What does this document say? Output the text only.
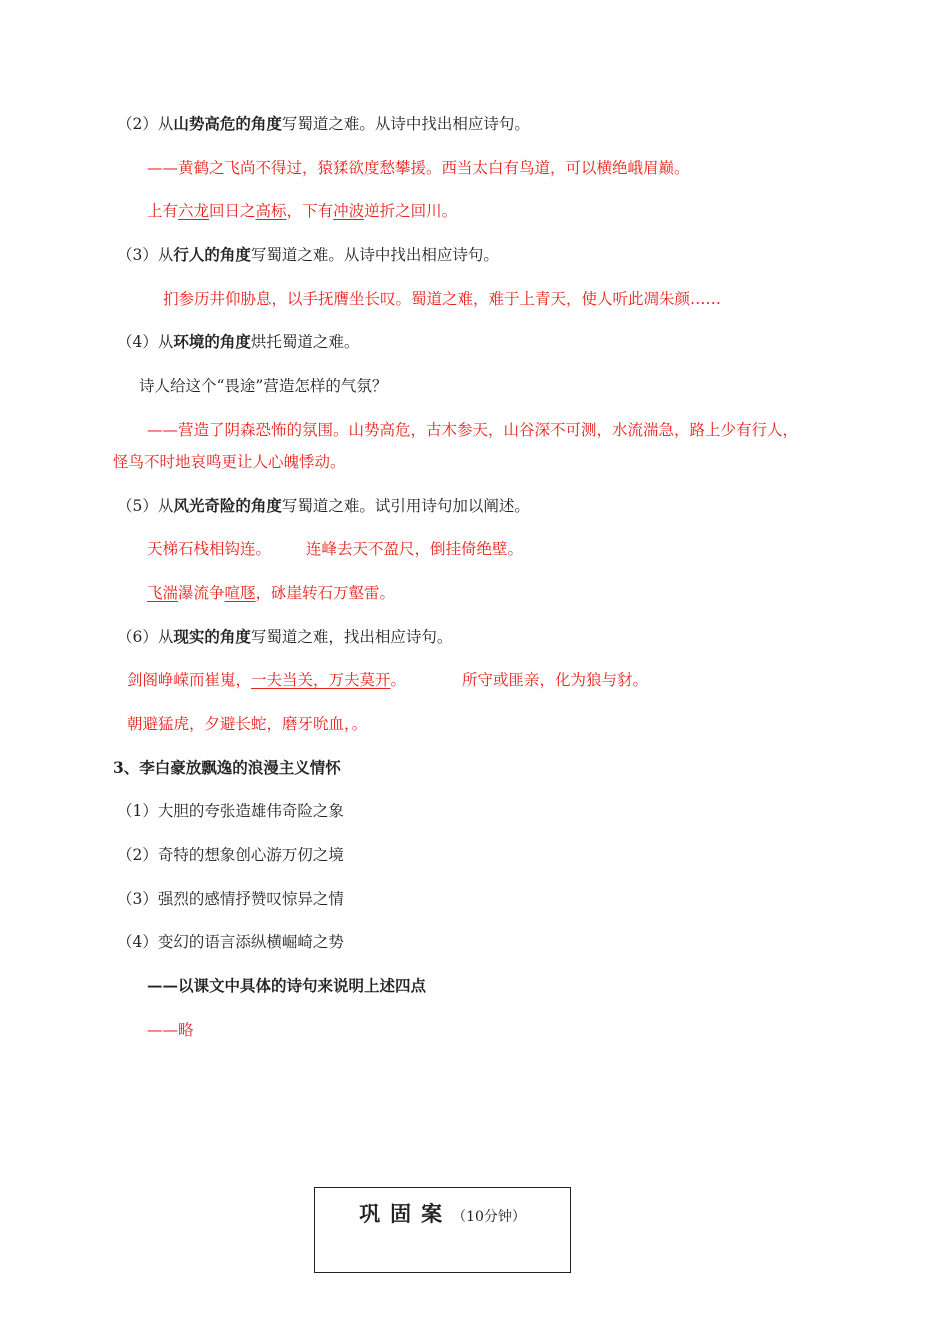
（2）从山势高危的角度写蜀道之难。从诗中找出相应诗句。
——黄鹤之飞尚不得过，猿猱欲度愁攀援。西当太白有鸟道，可以横绝峨眉巅。
上有六龙回日之高标，下有冲波逆折之回川。
（3）从行人的角度写蜀道之难。从诗中找出相应诗句。
扪参历井仰胁息，以手抚膺坐长叹。蜀道之难，难于上青天，使人听此凋朱颜……
（4）从环境的角度烘托蜀道之难。
诗人给这个“畏途”营造怎样的气氛？
——营造了阴森恐怖的氛围。山势高危，古木参天，山谷深不可测，水流湍急，路上少有行人，
怪鸟不时地哀鸣更让人心魄悸动。
（5）从风光奇险的角度写蜀道之难。试引用诗句加以阐述。
天梯石栈相钩连。 连峰去天不盈尺，倒挂倚绝壁。
飞湍瀑流争喧豗，砯崖转石万壑雷。
（6）从现实的角度写蜀道之难，找出相应诗句。
剑阁峥嵘而崔嵬，一夫当关，万夫莫开。	所守或匪亲，化为狼与豺。
朝避猛虎，夕避长蛇，磨牙吮血，。
3、李白豪放飘逸的浪漫主义情怀
（1）大胆的夸张造雄伟奇险之象
（2）奇特的想象创心游万仞之境
（3）强烈的感情抒赞叹惊异之情
（4）变幻的语言添纵横崛崎之势
——以课文中具体的诗句来说明上述四点
——略
巩固案（10分钟）
